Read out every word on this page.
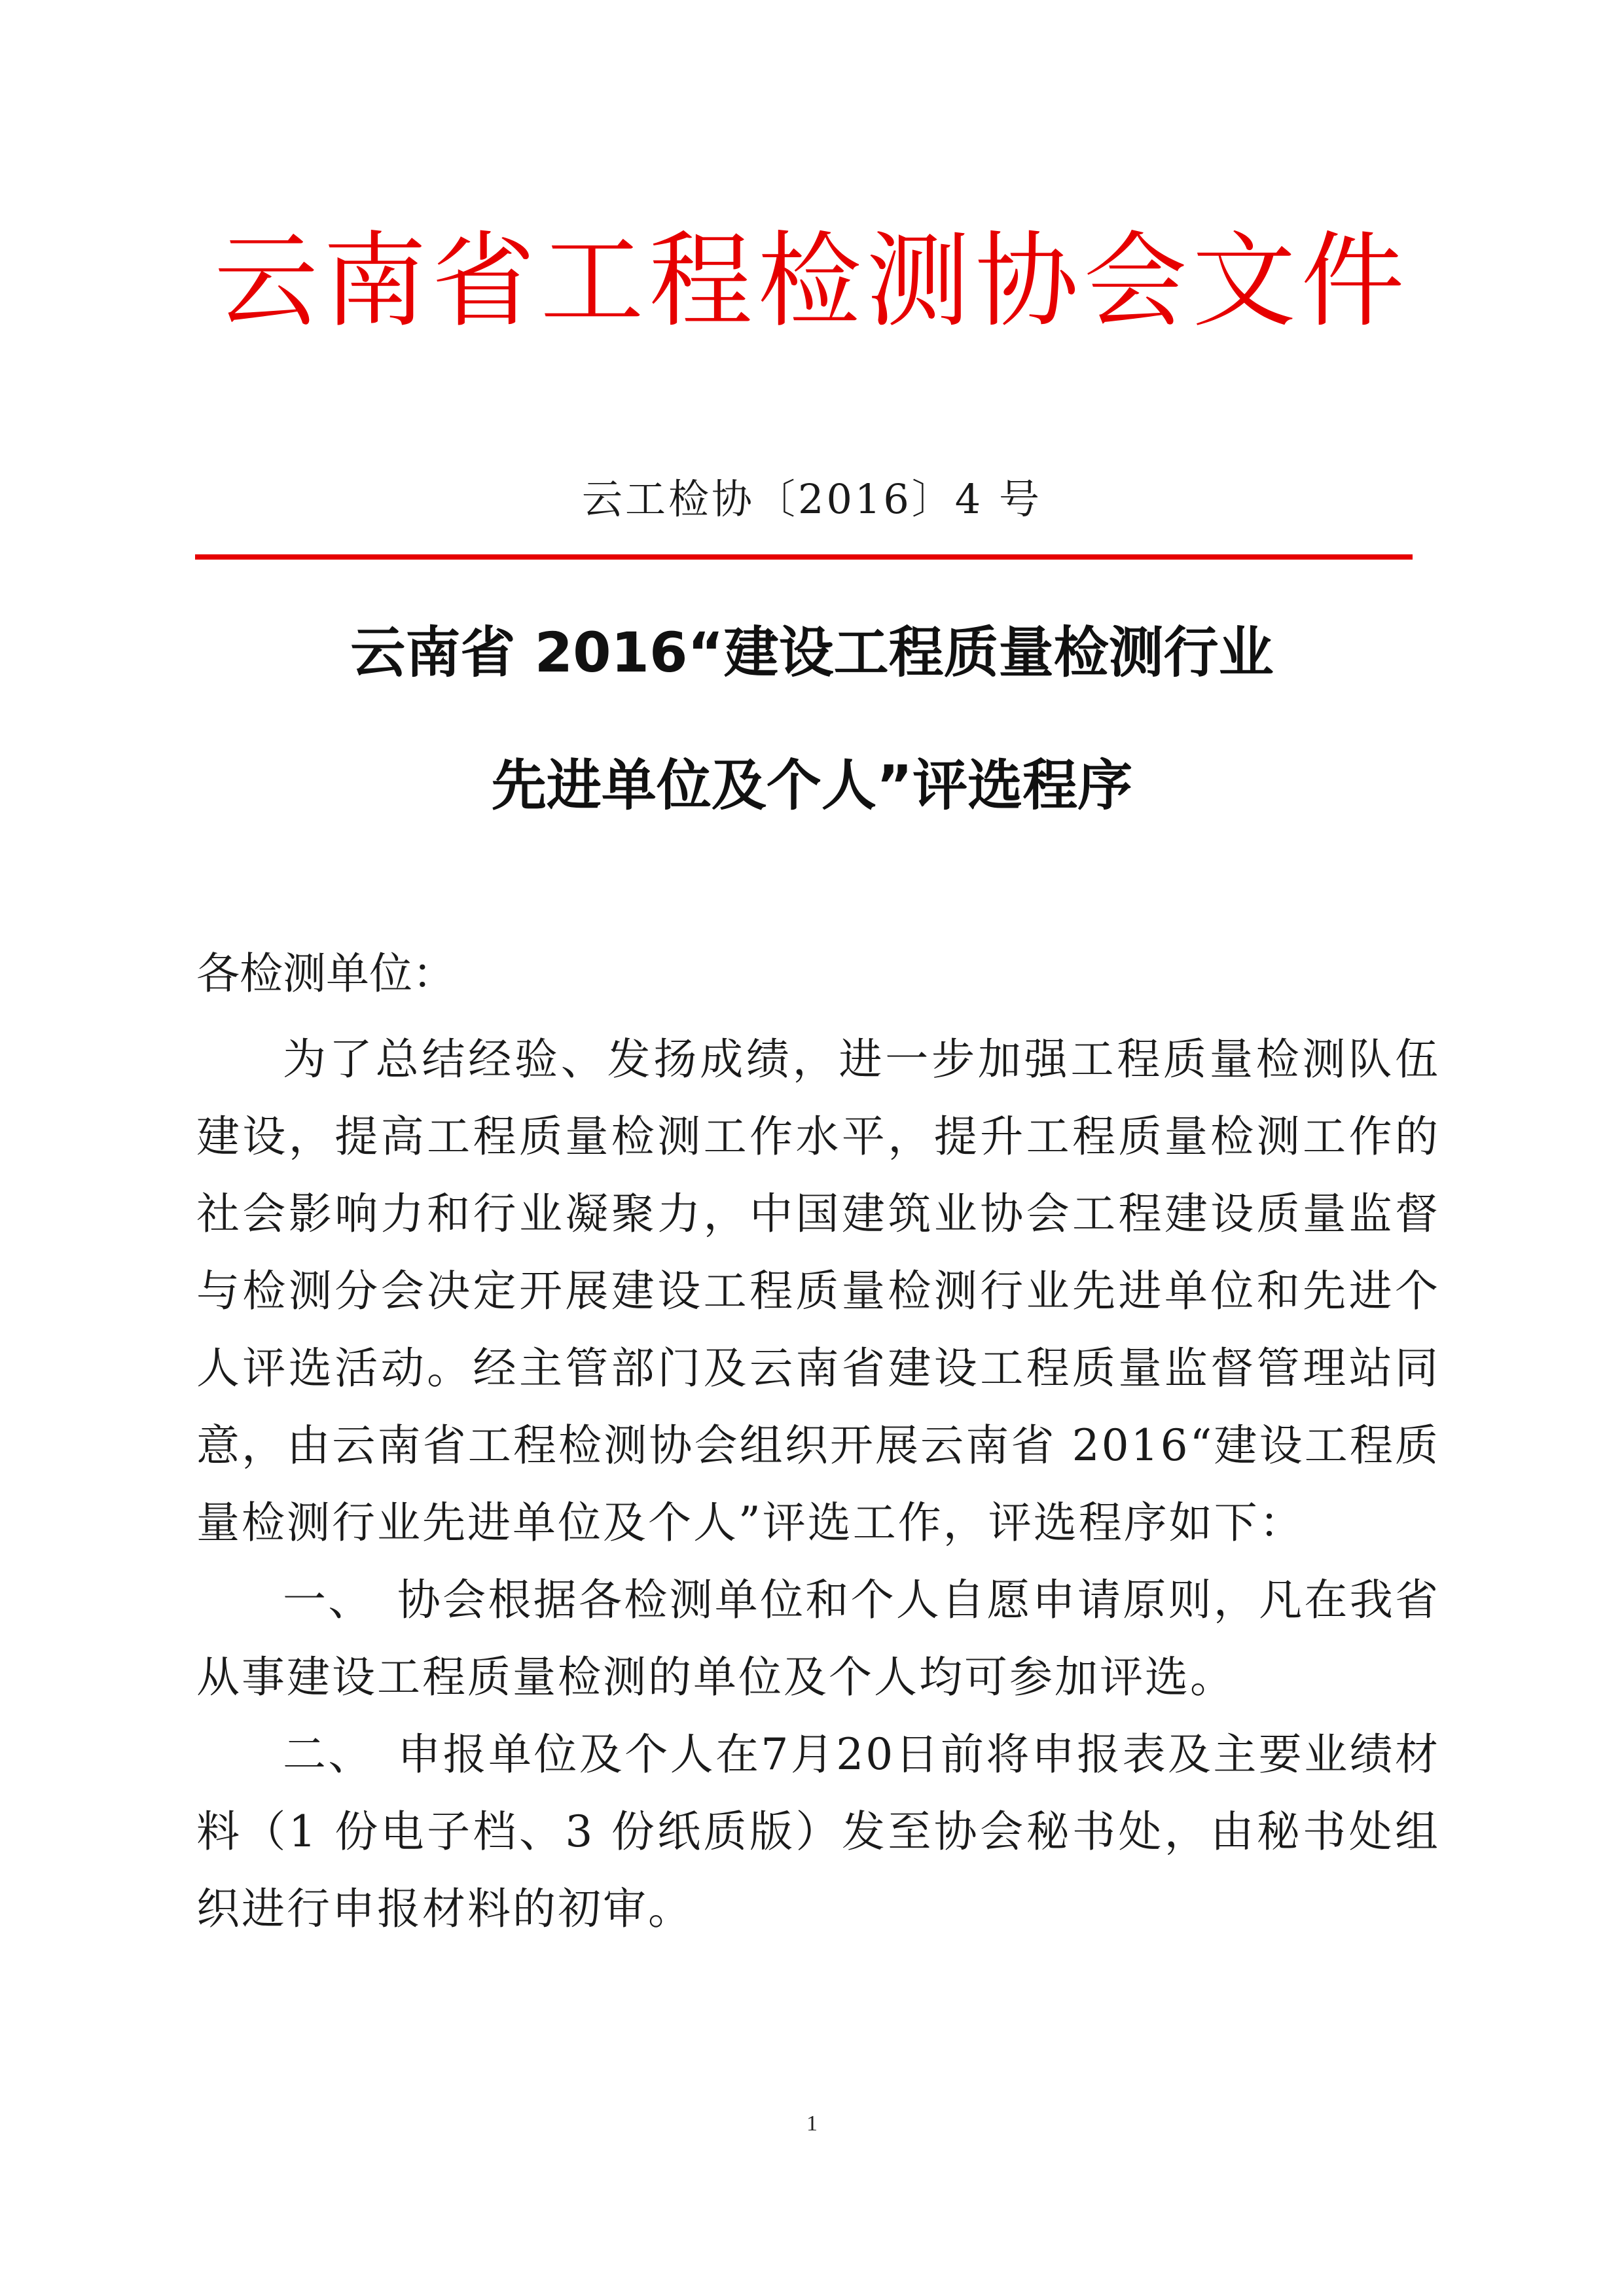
云南省工程检测协会文件
云工检协〔2016〕4 号
云南省 2016“建设工程质量检测行业
先进单位及个人”评选程序
各检测单位：

为了总结经验、发扬成绩，进一步加强工程质量检测队伍建设，提高工程质量检测工作水平，提升工程质量检测工作的社会影响力和行业凝聚力，中国建筑业协会工程建设质量监督与检测分会决定开展建设工程质量检测行业先进单位和先进个人评选活动。经主管部门及云南省建设工程质量监督管理站同意，由云南省工程检测协会组织开展云南省 2016“建设工程质量检测行业先进单位及个人”评选工作，评选程序如下：

一、　协会根据各检测单位和个人自愿申请原则，凡在我省 从事建设工程质量检测的单位及个人均可参加评选。

二、　申报单位及个人在7月20日前将申报表及主要业绩材料（1 份电子档、3 份纸质版）发至协会秘书处，由秘书处组织进行申报材料的初审。

1
